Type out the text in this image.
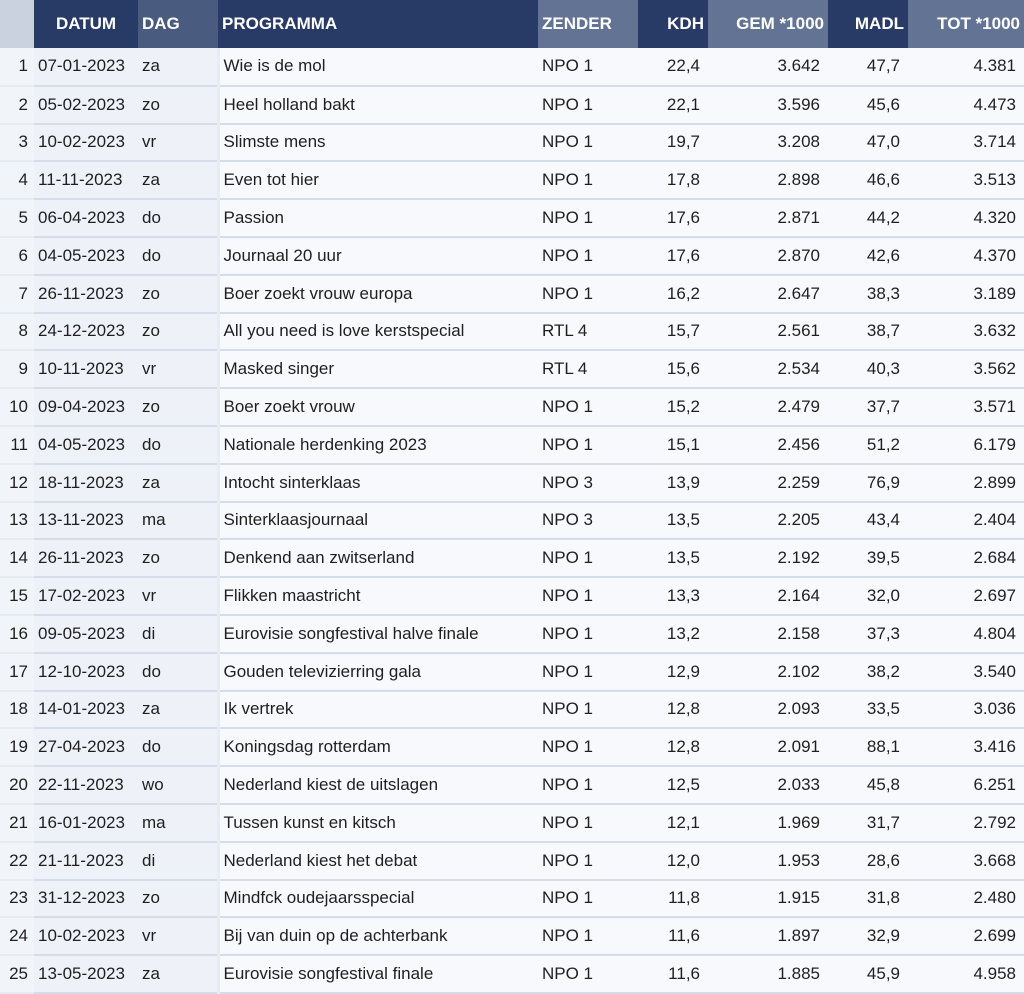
	DATUM	DAG	PROGRAMMA	ZENDER	KDH	GEM *1000	MADL	TOT *1000
1	07-01-2023	za	Wie is de mol	NPO 1	22,4	3.642	47,7	4.381
2	05-02-2023	zo	Heel holland bakt	NPO 1	22,1	3.596	45,6	4.473
3	10-02-2023	vr	Slimste mens	NPO 1	19,7	3.208	47,0	3.714
4	11-11-2023	za	Even tot hier	NPO 1	17,8	2.898	46,6	3.513
5	06-04-2023	do	Passion	NPO 1	17,6	2.871	44,2	4.320
6	04-05-2023	do	Journaal 20 uur	NPO 1	17,6	2.870	42,6	4.370
7	26-11-2023	zo	Boer zoekt vrouw europa	NPO 1	16,2	2.647	38,3	3.189
8	24-12-2023	zo	All you need is love kerstspecial	RTL 4	15,7	2.561	38,7	3.632
9	10-11-2023	vr	Masked singer	RTL 4	15,6	2.534	40,3	3.562
10	09-04-2023	zo	Boer zoekt vrouw	NPO 1	15,2	2.479	37,7	3.571
11	04-05-2023	do	Nationale herdenking 2023	NPO 1	15,1	2.456	51,2	6.179
12	18-11-2023	za	Intocht sinterklaas	NPO 3	13,9	2.259	76,9	2.899
13	13-11-2023	ma	Sinterklaasjournaal	NPO 3	13,5	2.205	43,4	2.404
14	26-11-2023	zo	Denkend aan zwitserland	NPO 1	13,5	2.192	39,5	2.684
15	17-02-2023	vr	Flikken maastricht	NPO 1	13,3	2.164	32,0	2.697
16	09-05-2023	di	Eurovisie songfestival halve finale	NPO 1	13,2	2.158	37,3	4.804
17	12-10-2023	do	Gouden televizierring gala	NPO 1	12,9	2.102	38,2	3.540
18	14-01-2023	za	Ik vertrek	NPO 1	12,8	2.093	33,5	3.036
19	27-04-2023	do	Koningsdag rotterdam	NPO 1	12,8	2.091	88,1	3.416
20	22-11-2023	wo	Nederland kiest de uitslagen	NPO 1	12,5	2.033	45,8	6.251
21	16-01-2023	ma	Tussen kunst en kitsch	NPO 1	12,1	1.969	31,7	2.792
22	21-11-2023	di	Nederland kiest het debat	NPO 1	12,0	1.953	28,6	3.668
23	31-12-2023	zo	Mindfck oudejaarsspecial	NPO 1	11,8	1.915	31,8	2.480
24	10-02-2023	vr	Bij van duin op de achterbank	NPO 1	11,6	1.897	32,9	2.699
25	13-05-2023	za	Eurovisie songfestival finale	NPO 1	11,6	1.885	45,9	4.958
